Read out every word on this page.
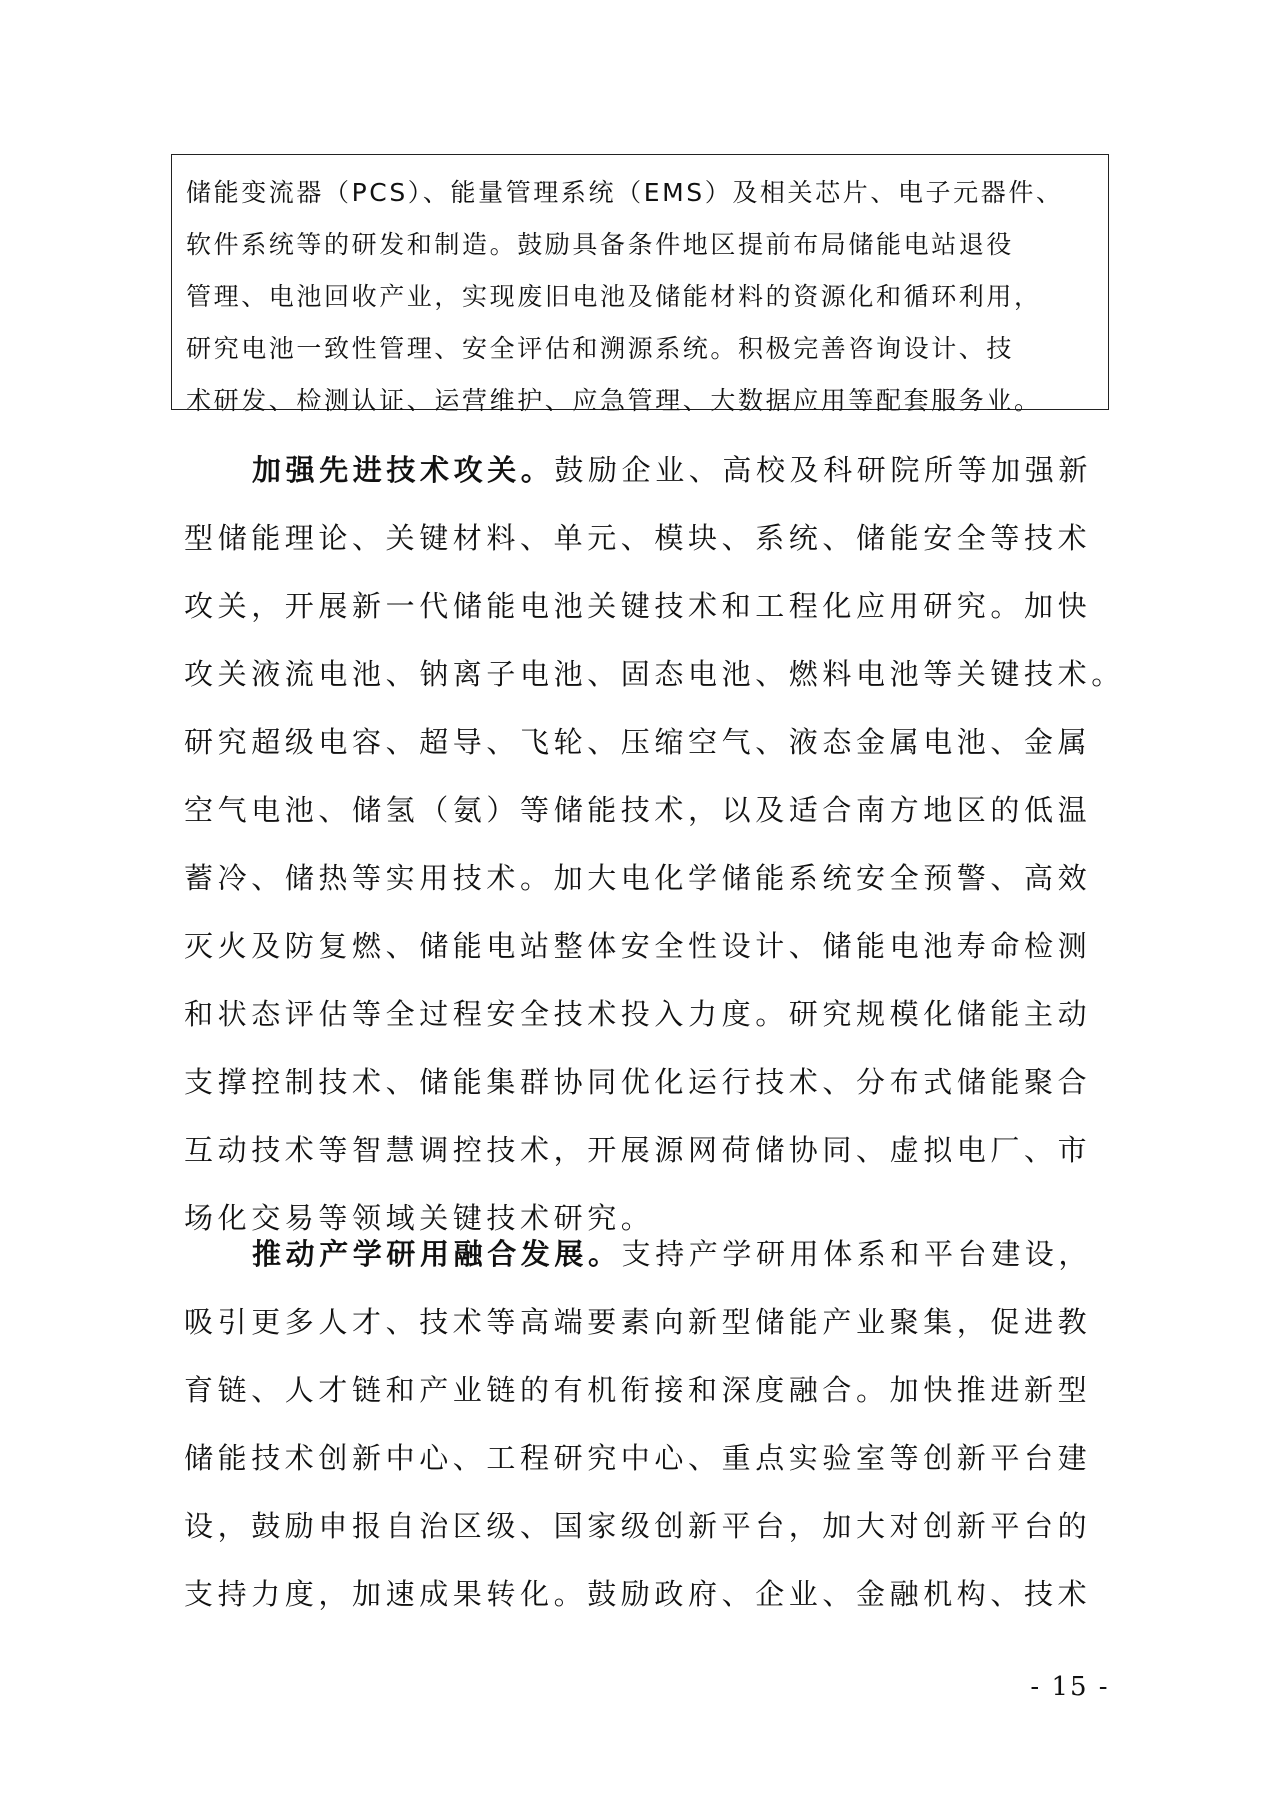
储能变流器（PCS）、能量管理系统（EMS）及相关芯片、电子元器件、
软件系统等的研发和制造。鼓励具备条件地区提前布局储能电站退役
管理、电池回收产业，实现废旧电池及储能材料的资源化和循环利用，
研究电池一致性管理、安全评估和溯源系统。积极完善咨询设计、技
术研发、检测认证、运营维护、应急管理、大数据应用等配套服务业。
加强先进技术攻关。鼓励企业、高校及科研院所等加强新
型储能理论、关键材料、单元、模块、系统、储能安全等技术
攻关，开展新一代储能电池关键技术和工程化应用研究。加快
攻关液流电池、钠离子电池、固态电池、燃料电池等关键技术。
研究超级电容、超导、飞轮、压缩空气、液态金属电池、金属
空气电池、储氢（氨）等储能技术，以及适合南方地区的低温
蓄冷、储热等实用技术。加大电化学储能系统安全预警、高效
灭火及防复燃、储能电站整体安全性设计、储能电池寿命检测
和状态评估等全过程安全技术投入力度。研究规模化储能主动
支撑控制技术、储能集群协同优化运行技术、分布式储能聚合
互动技术等智慧调控技术，开展源网荷储协同、虚拟电厂、市
场化交易等领域关键技术研究。
推动产学研用融合发展。支持产学研用体系和平台建设，
吸引更多人才、技术等高端要素向新型储能产业聚集，促进教
育链、人才链和产业链的有机衔接和深度融合。加快推进新型
储能技术创新中心、工程研究中心、重点实验室等创新平台建
设，鼓励申报自治区级、国家级创新平台，加大对创新平台的
支持力度，加速成果转化。鼓励政府、企业、金融机构、技术
- 15 -
